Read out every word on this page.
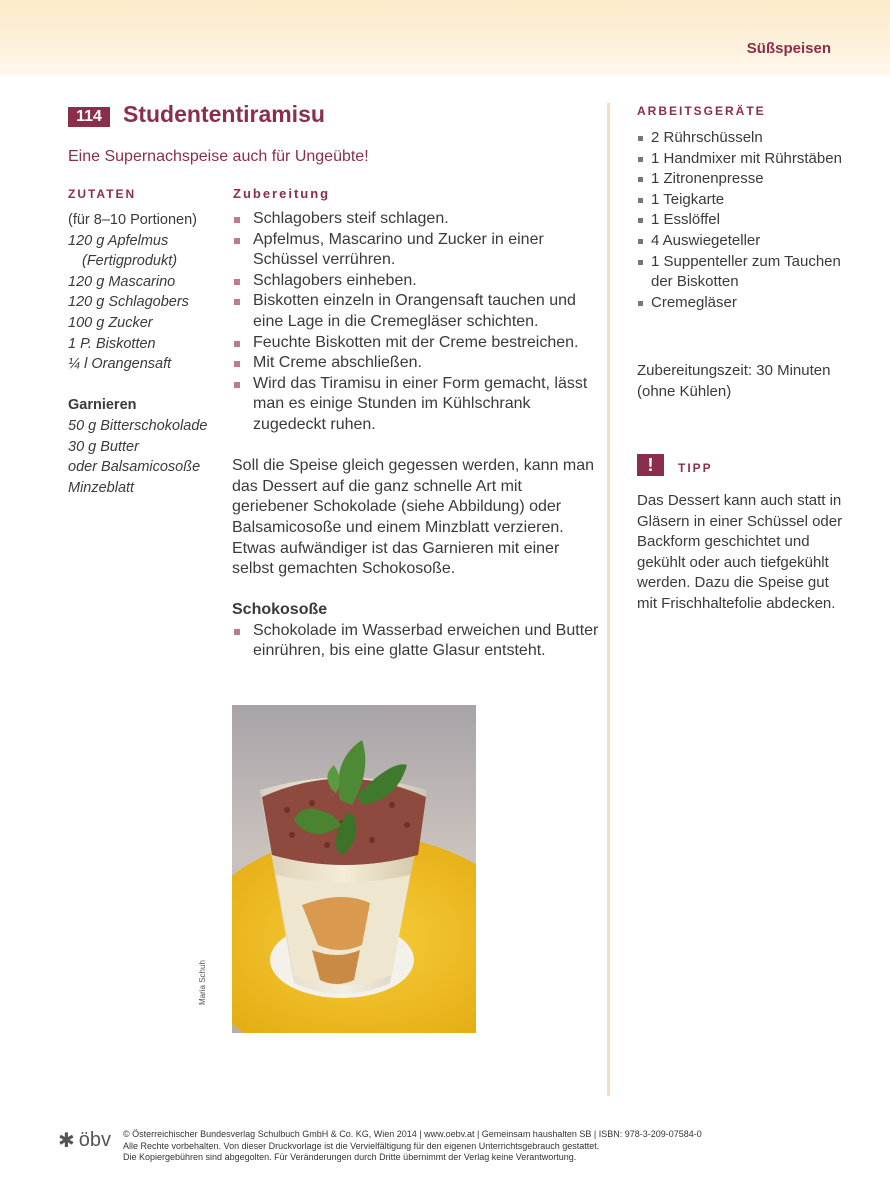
Süßspeisen
114 Studententiramisu
Eine Supernachspeise auch für Ungeübte!
ZUTATEN	Zubereitung
(für 8–10 Portionen)
120 g Apfelmus
(Fertigprodukt)
120 g Mascarino
120 g Schlagobers
100 g Zucker
1 P. Biskotten
¼ l Orangensaft
Garnieren
50 g Bitterschokolade
30 g Butter
oder Balsamicosoße
Minzeblatt
Schlagobers steif schlagen.
Apfelmus, Mascarino und Zucker in einer Schüssel verrühren.
Schlagobers einheben.
Biskotten einzeln in Orangensaft tauchen und eine Lage in die Cremegläser schichten.
Feuchte Biskotten mit der Creme bestreichen.
Mit Creme abschließen.
Wird das Tiramisu in einer Form gemacht, lässt man es einige Stunden im Kühlschrank zugedeckt ruhen.
Soll die Speise gleich gegessen werden, kann man das Dessert auf die ganz schnelle Art mit geriebener Schokolade (siehe Abbildung) oder Balsamicosoße und einem Minzblatt verzieren. Etwas aufwändiger ist das Garnieren mit einer selbst gemachten Schokosoße.
Schokosoße
Schokolade im Wasserbad erweichen und Butter einrühren, bis eine glatte Glasur entsteht.
Maria Schuh
ARBEITSGERÄTE
2 Rührschüsseln
1 Handmixer mit Rührstäben
1 Zitronenpresse
1 Teigkarte
1 Esslöffel
4 Auswiegeteller
1 Suppenteller zum Tauchen der Biskotten
Cremegläser
Zubereitungszeit: 30 Minuten (ohne Kühlen)
!	TIPP
Das Dessert kann auch statt in Gläsern in einer Schüssel oder Backform geschichtet und gekühlt oder auch tiefgekühlt werden. Dazu die Speise gut mit Frischhaltefolie abdecken.
✱ öbv © Österreichischer Bundesverlag Schulbuch GmbH & Co. KG, Wien 2014 | www.oebv.at | Gemeinsam haushalten SB | ISBN: 978-3-209-07584-0
Alle Rechte vorbehalten. Von dieser Druckvorlage ist die Vervielfältigung für den eigenen Unterrichtsgebrauch gestattet.
Die Kopiergebühren sind abgegolten. Für Veränderungen durch Dritte übernimmt der Verlag keine Verantwortung.
